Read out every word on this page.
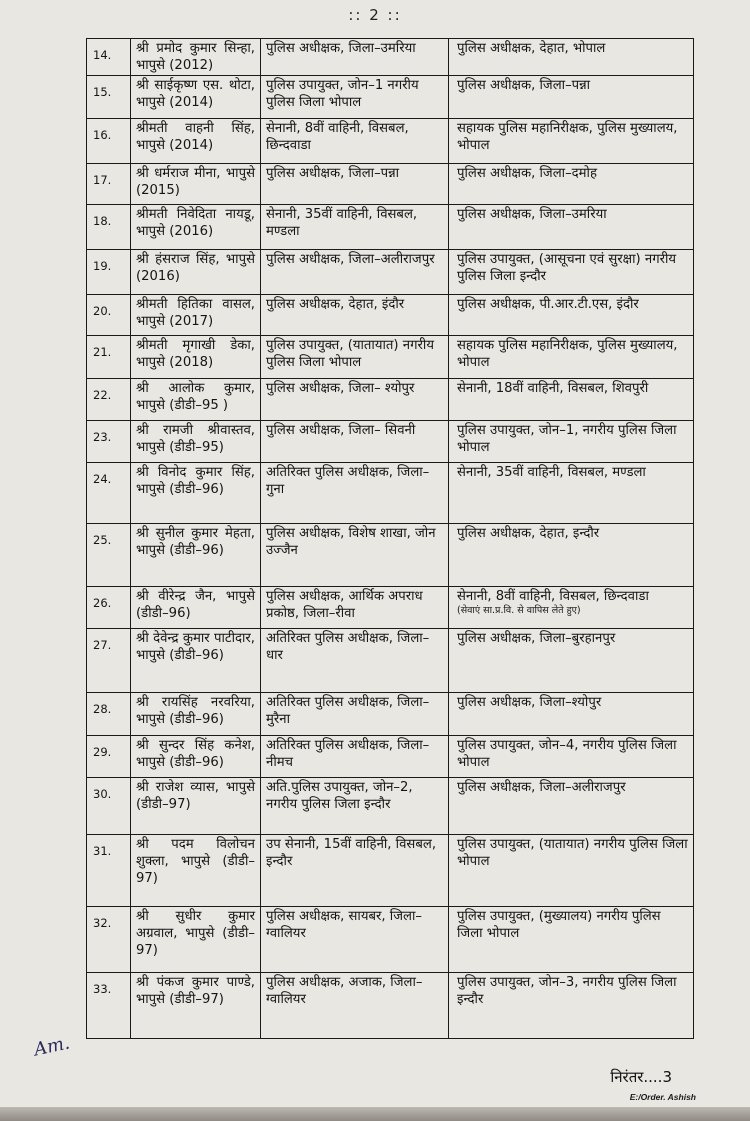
:: 2 ::
14.	श्री प्रमोद कुमार सिन्हा, भापुसे (2012)	पुलिस अधीक्षक, जिला–उमरिया	पुलिस अधीक्षक, देहात, भोपाल

15.	श्री साईकृष्ण एस. थोटा, भापुसे (2014)	पुलिस उपायुक्त, जोन–1 नगरीय पुलिस जिला भोपाल	पुलिस अधीक्षक, जिला–पन्ना

16.	श्रीमती वाहनी सिंह, भापुसे (2014)	सेनानी, 8वीं वाहिनी, विसबल, छिन्दवाडा	सहायक पुलिस महानिरीक्षक, पुलिस मुख्यालय, भोपाल

17.	श्री धर्मराज मीना, भापुसे (2015)	पुलिस अधीक्षक, जिला–पन्ना	पुलिस अधीक्षक, जिला–दमोह

18.	श्रीमती निवेदिता नायडू, भापुसे (2016)	सेनानी, 35वीं वाहिनी, विसबल, मण्डला	पुलिस अधीक्षक, जिला–उमरिया

19.	श्री हंसराज सिंह, भापुसे (2016)	पुलिस अधीक्षक, जिला–अलीराजपुर	पुलिस उपायुक्त, (आसूचना एवं सुरक्षा) नगरीय पुलिस जिला इन्दौर

20.	श्रीमती हितिका वासल, भापुसे (2017)	पुलिस अधीक्षक, देहात, इंदौर	पुलिस अधीक्षक, पी.आर.टी.एस, इंदौर

21.	श्रीमती मृगाखी डेका, भापुसे (2018)	पुलिस उपायुक्त, (यातायात) नगरीय पुलिस जिला भोपाल	सहायक पुलिस महानिरीक्षक, पुलिस मुख्यालय, भोपाल

22.	श्री आलोक कुमार, भापुसे (डीडी–95 )	पुलिस अधीक्षक, जिला– श्योपुर	सेनानी, 18वीं वाहिनी, विसबल, शिवपुरी

23.	श्री रामजी श्रीवास्तव, भापुसे (डीडी–95)	पुलिस अधीक्षक, जिला– सिवनी	पुलिस उपायुक्त, जोन–1, नगरीय पुलिस जिला भोपाल

24.	श्री विनोद कुमार सिंह, भापुसे (डीडी–96)	अतिरिक्त पुलिस अधीक्षक, जिला– गुना	सेनानी, 35वीं वाहिनी, विसबल, मण्डला

25.	श्री सुनील कुमार मेहता, भापुसे (डीडी–96)	पुलिस अधीक्षक, विशेष शाखा, जोन उज्जैन	पुलिस अधीक्षक, देहात, इन्दौर

26.	श्री वीरेन्द्र जैन, भापुसे (डीडी–96)	पुलिस अधीक्षक, आर्थिक अपराध प्रकोष्ठ, जिला–रीवा	सेनानी, 8वीं वाहिनी, विसबल, छिन्दवाडा
(सेवाएं सा.प्र.वि. से वापिस लेते हुए)

27.	श्री देवेन्द्र कुमार पाटीदार, भापुसे (डीडी–96)	अतिरिक्त पुलिस अधीक्षक, जिला– धार	पुलिस अधीक्षक, जिला–बुरहानपुर

28.	श्री रायसिंह नरवरिया, भापुसे (डीडी–96)	अतिरिक्त पुलिस अधीक्षक, जिला– मुरैना	पुलिस अधीक्षक, जिला–श्योपुर

29.	श्री सुन्दर सिंह कनेश, भापुसे (डीडी–96)	अतिरिक्त पुलिस अधीक्षक, जिला– नीमच	पुलिस उपायुक्त, जोन–4, नगरीय पुलिस जिला भोपाल

30.	श्री राजेश व्यास, भापुसे (डीडी–97)	अति.पुलिस उपायुक्त, जोन–2, नगरीय पुलिस जिला इन्दौर	पुलिस अधीक्षक, जिला–अलीराजपुर

31.	श्री पदम विलोचन शुक्ला, भापुसे (डीडी–97)	उप सेनानी, 15वीं वाहिनी, विसबल, इन्दौर	पुलिस उपायुक्त, (यातायात) नगरीय पुलिस जिला भोपाल

32.	श्री सुधीर कुमार अग्रवाल, भापुसे (डीडी–97)	पुलिस अधीक्षक, सायबर, जिला–ग्वालियर	पुलिस उपायुक्त, (मुख्यालय) नगरीय पुलिस जिला भोपाल

33.	श्री पंकज कुमार पाण्डे, भापुसे (डीडी–97)	पुलिस अधीक्षक, अजाक, जिला–ग्वालियर	पुलिस उपायुक्त, जोन–3, नगरीय पुलिस जिला इन्दौर
Am.
निरंतर....3
E:/Order. Ashish
